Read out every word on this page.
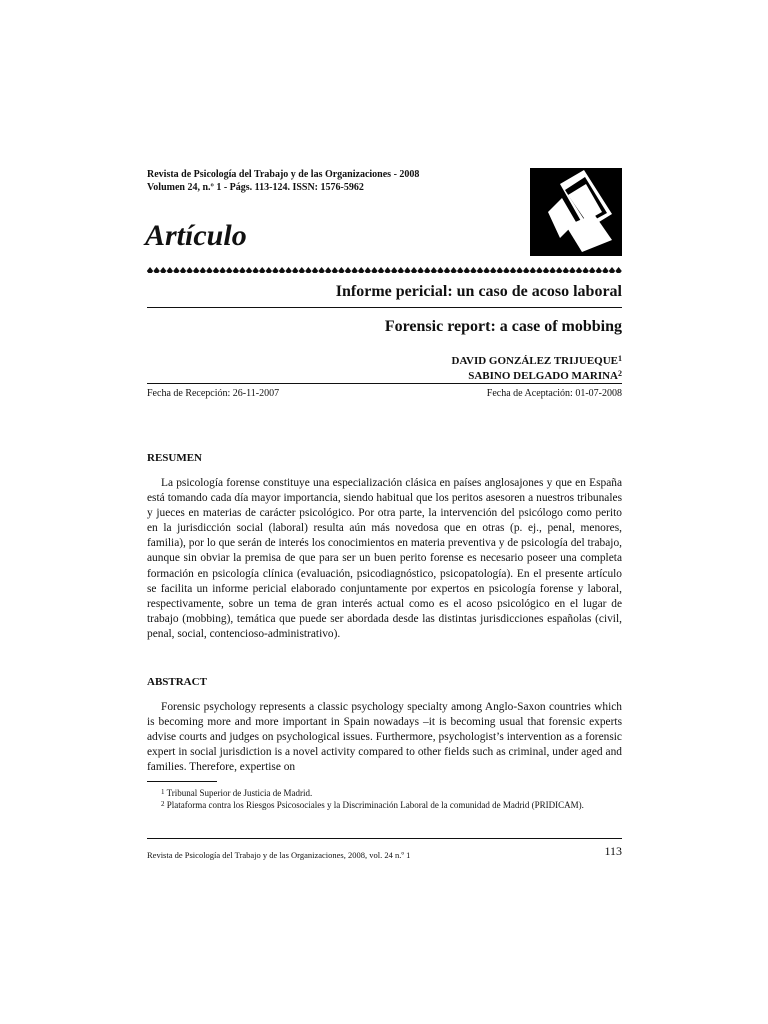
Revista de Psicología del Trabajo y de las Organizaciones - 2008
Volumen 24, n.º 1 - Págs. 113-124. ISSN: 1576-5962
Artículo
Informe pericial: un caso de acoso laboral
Forensic report: a case of mobbing
DAVID GONZÁLEZ TRIJUEQUE$^1$
SABINO DELGADO MARINA$^2$
Fecha de Recepción: 26-11-2007	Fecha de Aceptación: 01-07-2008
RESUMEN

La psicología forense constituye una especialización clásica en países anglosajones y que en España está tomando cada día mayor importancia, siendo habitual que los peritos asesoren a nuestros tribunales y jueces en materias de carácter psicológico. Por otra parte, la intervención del psicólogo como perito en la jurisdicción social (laboral) resulta aún más novedosa que en otras (p. ej., penal, menores, familia), por lo que serán de interés los conocimientos en materia preventiva y de psicología del trabajo, aunque sin obviar la premisa de que para ser un buen perito forense es necesario poseer una completa formación en psicología clínica (evaluación, psicodiagnóstico, psicopatología). En el presente artículo se facilita un informe pericial elaborado conjuntamente por expertos en psicología forense y laboral, respectivamente, sobre un tema de gran interés actual como es el acoso psicológico en el lugar de trabajo (mobbing), temática que puede ser abordada desde las distintas jurisdicciones españolas (civil, penal, social, contencioso-administrativo).

ABSTRACT

Forensic psychology represents a classic psychology specialty among Anglo-Saxon countries which is becoming more and more important in Spain nowadays –it is becoming usual that forensic experts advise courts and judges on psychological issues. Furthermore, psychologist’s intervention as a forensic expert in social jurisdiction is a novel activity compared to other fields such as criminal, under aged and families. Therefore, expertise on

$^1$ Tribunal Superior de Justicia de Madrid.

$^2$ Plataforma contra los Riesgos Psicosociales y la Discriminación Laboral de la comunidad de Madrid (PRIDICAM).

Revista de Psicología del Trabajo y de las Organizaciones, 2008, vol. 24 n.º 1	113
